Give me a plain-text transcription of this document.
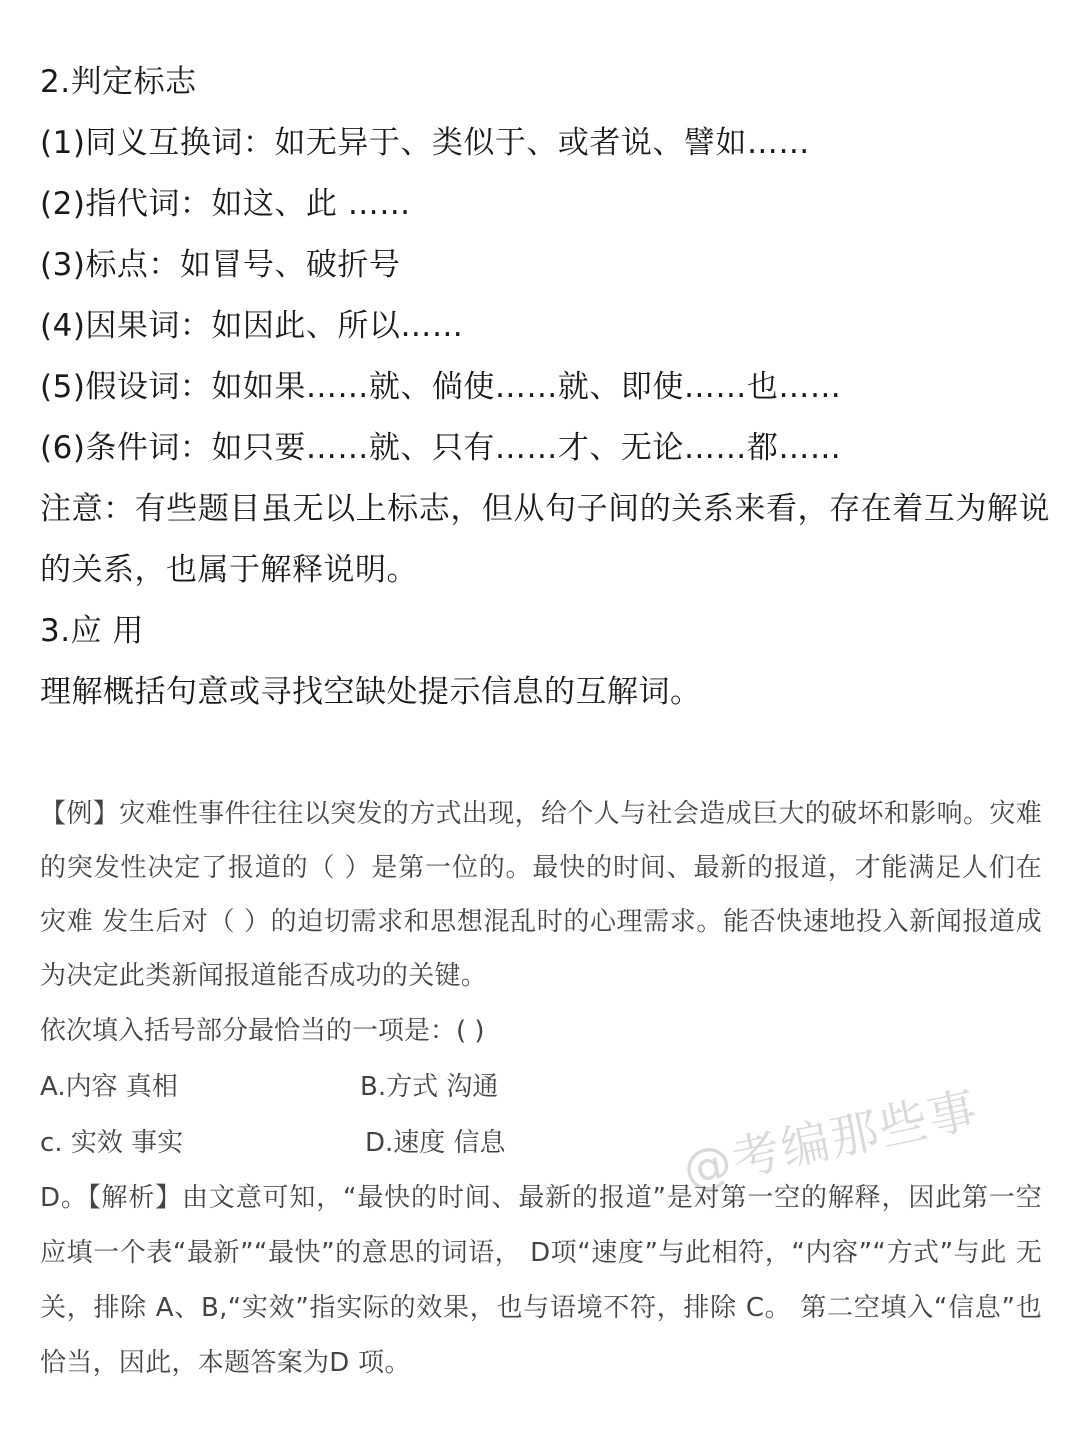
2.判定标志
(1)同义互换词：如无异于、类似于、或者说、譬如……
(2)指代词：如这、此 ……
(3)标点：如冒号、破折号
(4)因果词：如因此、所以……
(5)假设词：如如果……就、倘使……就、即使……也……
(6)条件词：如只要……就、只有……才、无论……都……
注意：有些题目虽无以上标志，但从句子间的关系来看，存在着互为解说的关系，也属于解释说明。
3.应 用
理解概括句意或寻找空缺处提示信息的互解词。
【例】灾难性事件往往以突发的方式出现，给个人与社会造成巨大的破坏和影响。灾难 的突发性决定了报道的（ ）是第一位的。最快的时间、最新的报道，才能满足人们在灾难 发生后对（ ）的迫切需求和思想混乱时的心理需求。能否快速地投入新闻报道成为决定此类新闻报道能否成功的关键。
依次填入括号部分最恰当的一项是：( )
A.内容 真相	B.方式 沟通
c. 实效 事实	D.速度 信息
D。【解析】由文意可知，“最快的时间、最新的报道”是对第一空的解释，因此第一空 应填一个表“最新”“最快”的意思的词语， D项“速度”与此相符，“内容”“方式”与此 无关，排除 A、B,“实效”指实际的效果，也与语境不符，排除 C。 第二空填入“信息”也恰当，因此，本题答案为D 项。
@考编那些事
